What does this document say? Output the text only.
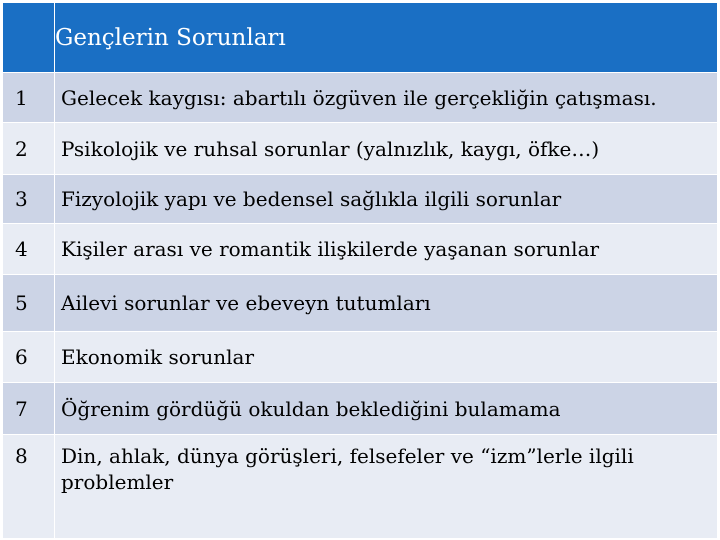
	Gençlerin Sorunları
1	Gelecek kaygısı: abartılı özgüven ile gerçekliğin çatışması.
2	Psikolojik ve ruhsal sorunlar (yalnızlık, kaygı, öfke…)
3	Fizyolojik yapı ve bedensel sağlıkla ilgili sorunlar
4	Kişiler arası ve romantik ilişkilerde yaşanan sorunlar
5	Ailevi sorunlar ve ebeveyn tutumları
6	Ekonomik sorunlar
7	Öğrenim gördüğü okuldan beklediğini bulamama
8	Din, ahlak, dünya görüşleri, felsefeler ve “izm”lerle ilgili problemler
